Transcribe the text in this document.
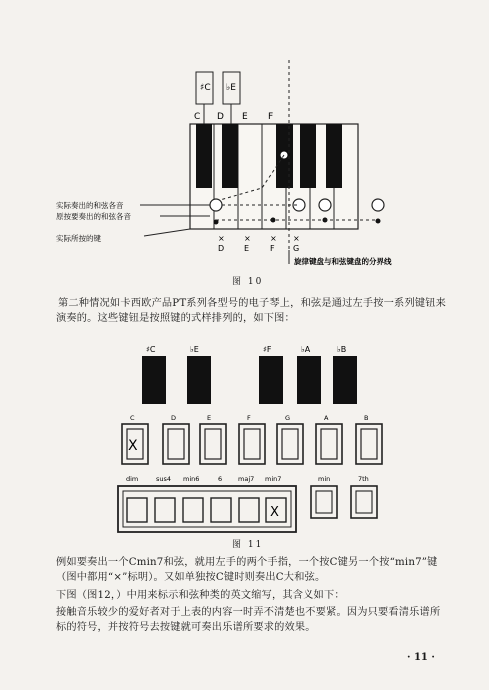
♯C ♭E
C D E F
实际奏出的和弦各音
原按要奏出的和弦各音
实际所按的键	×
D
×
E
×
F
×
G
旋律键盘与和弦键盘的分界线
图 10
第二种情况如卡西欧产品PT系列各型号的电子琴上，和弦是通过左手按一系列键钮来演奏的。这些键钮是按照键的式样排列的，如下图：
♯C	♭E	♯F	♭A	♭B
C
X
D	E	F	G	A	B
dim	sus4 min6	6 maj7 min7	min	7th
X
图 11
例如要奏出一个Cmin7和弦，就用左手的两个手指，一个按C键另一个按“min7”键（图中都用“×”标明）。又如单独按C键时则奏出C大和弦。
下图（图12，）中用来标示和弦种类的英文缩写，其含义如下：
接触音乐较少的爱好者对于上表的内容一时弄不清楚也不要紧。因为只要看清乐谱所标的符号，并按符号去按键就可奏出乐谱所要求的效果。
· 11 ·
